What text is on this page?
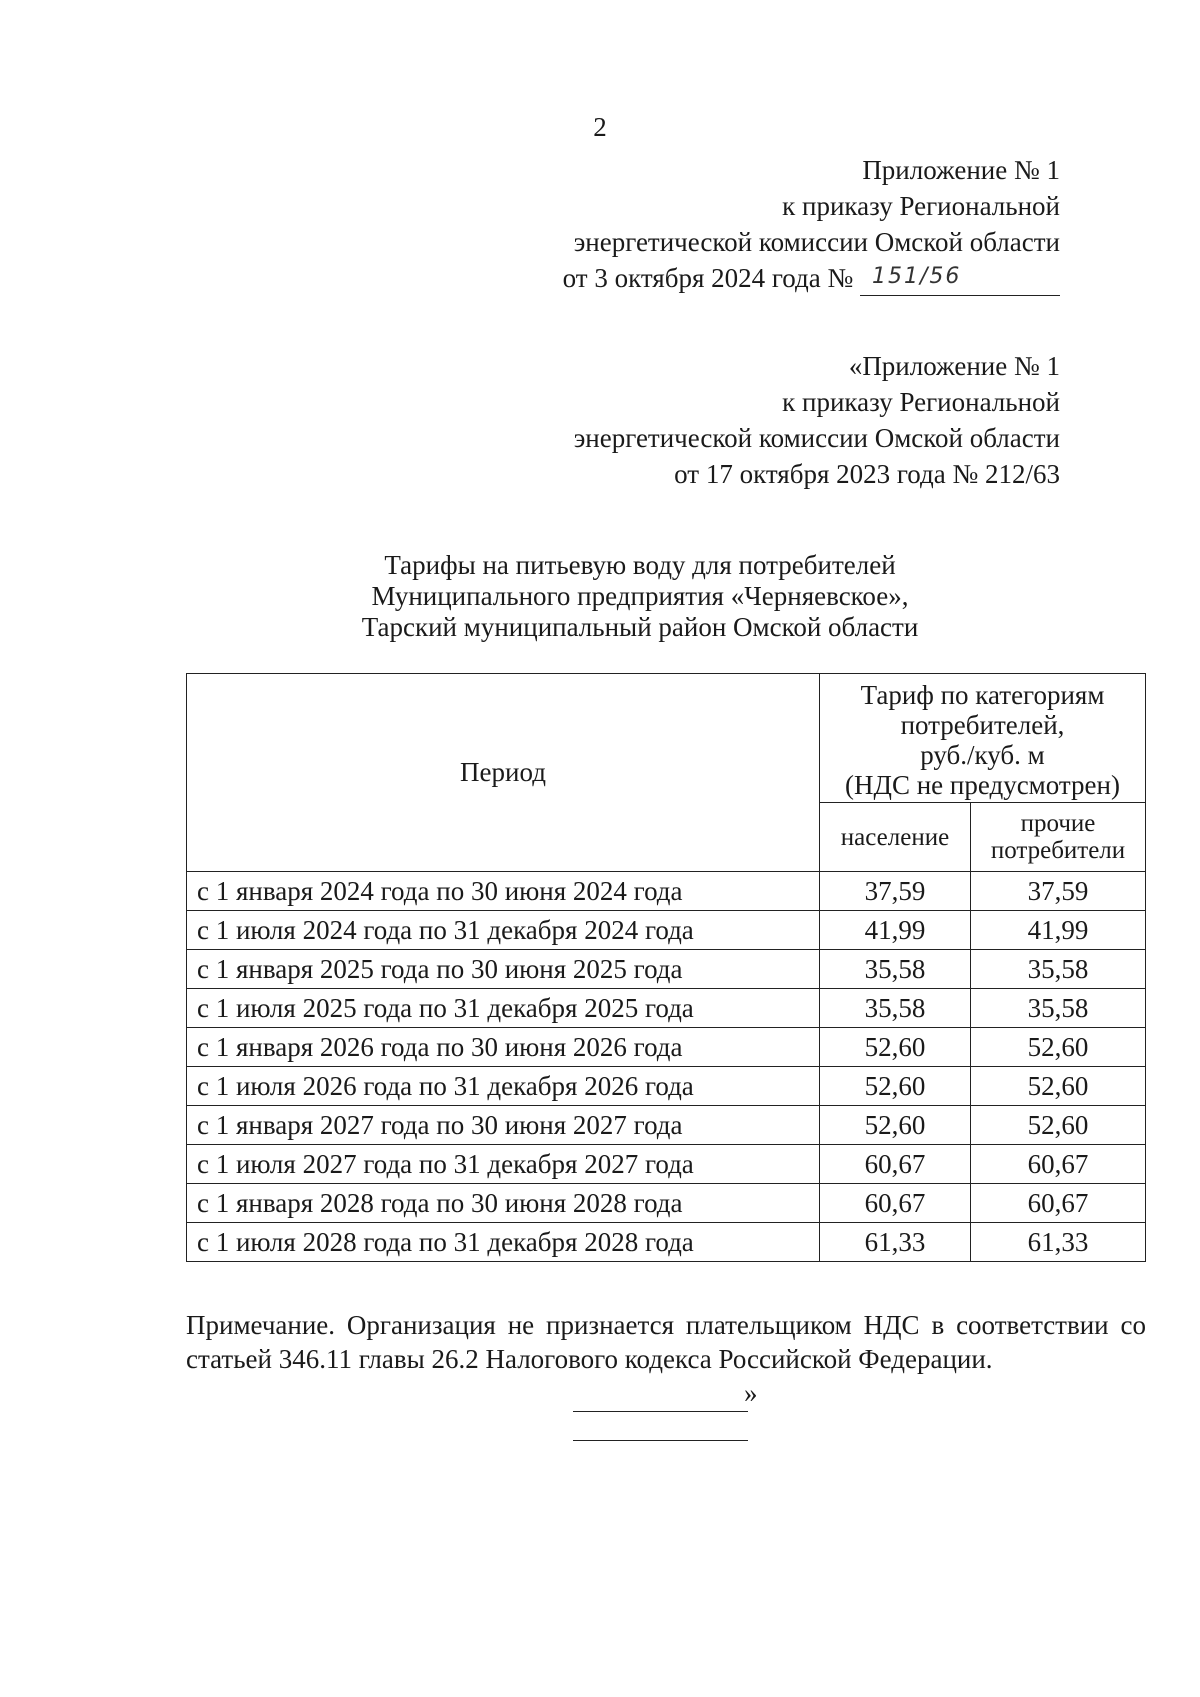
2
Приложение № 1
к приказу Региональной
энергетической комиссии Омской области
от 3 октября 2024 года № 151/56
«Приложение № 1
к приказу Региональной
энергетической комиссии Омской области
от 17 октября 2023 года № 212/63
Тарифы на питьевую воду для потребителей
Муниципального предприятия «Черняевское»,
Тарский муниципальный район Омской области
Период	Тариф по категориям
потребителей,
руб./куб. м
(НДС не предусмотрен)	

	население	прочие
потребители

с 1 января 2024 года по 30 июня 2024 года	37,59	37,59
с 1 июля 2024 года по 31 декабря 2024 года	41,99	41,99
с 1 января 2025 года по 30 июня 2025 года	35,58	35,58
с 1 июля 2025 года по 31 декабря 2025 года	35,58	35,58
с 1 января 2026 года по 30 июня 2026 года	52,60	52,60
с 1 июля 2026 года по 31 декабря 2026 года	52,60	52,60
с 1 января 2027 года по 30 июня 2027 года	52,60	52,60
с 1 июля 2027 года по 31 декабря 2027 года	60,67	60,67
с 1 января 2028 года по 30 июня 2028 года	60,67	60,67
с 1 июля 2028 года по 31 декабря 2028 года	61,33	61,33
Примечание. Организация не признается плательщиком НДС в соответствии со статьей 346.11 главы 26.2 Налогового кодекса Российской Федерации.
»
